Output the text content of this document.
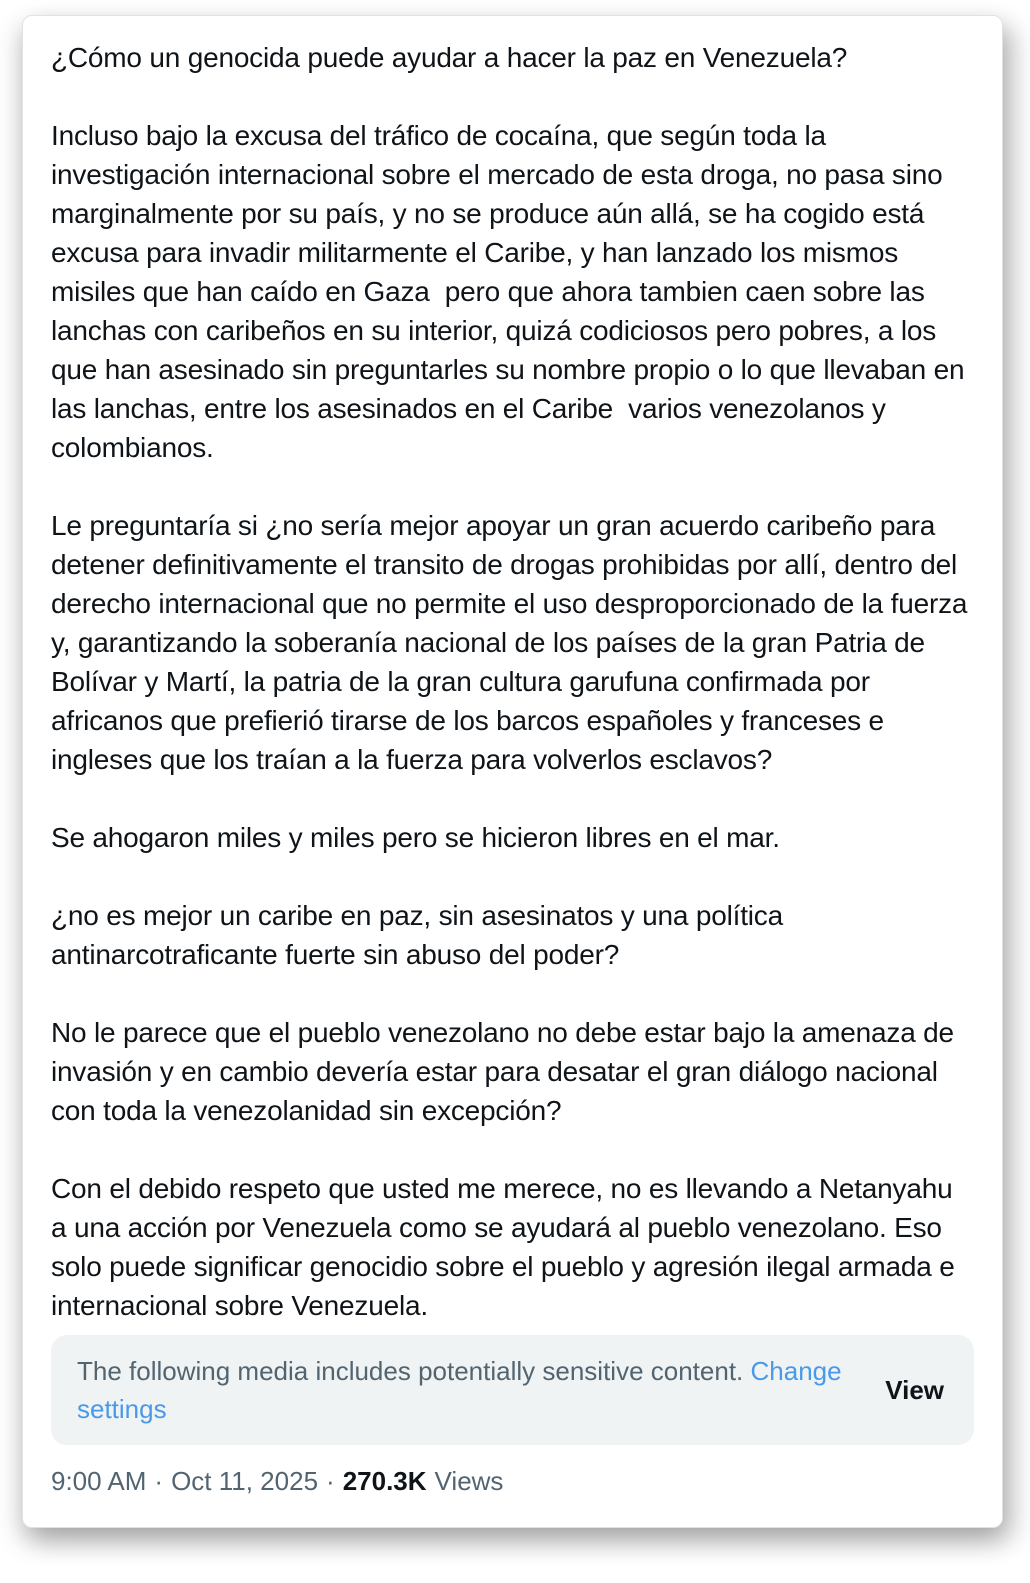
¿Cómo un genocida puede ayudar a hacer la paz en Venezuela?

Incluso bajo la excusa del tráfico de cocaína, que según toda la investigación internacional sobre el mercado de esta droga, no pasa sino marginalmente por su país, y no se produce aún allá, se ha cogido está excusa para invadir militarmente el Caribe, y han lanzado los mismos misiles que han caído en Gaza  pero que ahora tambien caen sobre las lanchas con caribeños en su interior, quizá codiciosos pero pobres, a los que han asesinado sin preguntarles su nombre propio o lo que llevaban en las lanchas, entre los asesinados en el Caribe  varios venezolanos y colombianos.

Le preguntaría si ¿no sería mejor apoyar un gran acuerdo caribeño para detener definitivamente el transito de drogas prohibidas por allí, dentro del derecho internacional que no permite el uso desproporcionado de la fuerza y, garantizando la soberanía nacional de los países de la gran Patria de Bolívar y Martí, la patria de la gran cultura garufuna confirmada por africanos que prefierió tirarse de los barcos españoles y franceses e ingleses que los traían a la fuerza para volverlos esclavos?

Se ahogaron miles y miles pero se hicieron libres en el mar.

¿no es mejor un caribe en paz, sin asesinatos y una política antinarcotraficante fuerte sin abuso del poder?

No le parece que el pueblo venezolano no debe estar bajo la amenaza de invasión y en cambio devería estar para desatar el gran diálogo nacional con toda la venezolanidad sin excepción?

Con el debido respeto que usted me merece, no es llevando a Netanyahu a una acción por Venezuela como se ayudará al pueblo venezolano. Eso solo puede significar genocidio sobre el pueblo y agresión ilegal armada e internacional sobre Venezuela.

The following media includes potentially sensitive content. Change settings

View
9:00 AM · Oct 11, 2025 · 270.3K Views
